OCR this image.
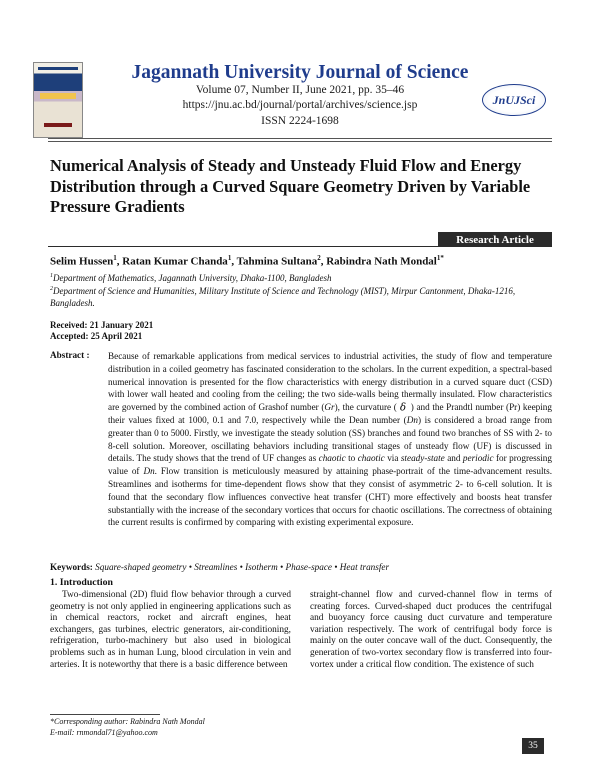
Jagannath University Journal of Science
Volume 07, Number II, June 2021, pp. 35–46
https://jnu.ac.bd/journal/portal/archives/science.jsp
ISSN 2224-1698
JnUJSci
Numerical Analysis of Steady and Unsteady Fluid Flow and Energy Distribution through a Curved Square Geometry Driven by Variable Pressure Gradients
Research Article
Selim Hussen$^1$, Ratan Kumar Chanda$^1$, Tahmina Sultana$^2$, Rabindra Nath Mondal$^{1*}$
$^1$Department of Mathematics, Jagannath University, Dhaka-1100, Bangladesh
$^2$Department of Science and Humanities, Military Institute of Science and Technology (MIST), Mirpur Cantonment, Dhaka-1216, Bangladesh.
Received: 21 January 2021
Accepted: 25 April 2021
Abstract : Because of remarkable applications from medical services to industrial activities, the study of flow and temperature distribution in a coiled geometry has fascinated consideration to the scholars. In the current expedition, a spectral-based numerical innovation is presented for the flow characteristics with energy distribution in a curved square duct (CSD) with lower wall heated and cooling from the ceiling; the two side-walls being thermally insulated. Flow characteristics are governed by the combined action of Grashof number (Gr), the curvature ( δ ) and the Prandtl number (Pr) keeping their values fixed at 1000, 0.1 and 7.0, respectively while the Dean number (Dn) is considered a broad range from greater than 0 to 5000. Firstly, we investigate the steady solution (SS) branches and found two branches of SS with 2- to 8-cell solution. Moreover, oscillating behaviors including transitional stages of unsteady flow (UF) is discussed in details. The study shows that the trend of UF changes as chaotic to chaotic via steady-state and periodic for progressing value of Dn. Flow transition is meticulously measured by attaining phase-portrait of the time-advancement results. Streamlines and isotherms for time-dependent flows show that they consist of asymmetric 2- to 6-cell solution. It is found that the secondary flow influences convective heat transfer (CHT) more effectively and boosts heat transfer substantially with the increase of the secondary vortices that occurs for chaotic oscillations. The correctness of obtaining the current results is confirmed by comparing with existing experimental exposure.
Keywords: Square-shaped geometry • Streamlines • Isotherm • Phase-space • Heat transfer
1. Introduction
Two-dimensional (2D) fluid flow behavior through a curved geometry is not only applied in engineering applications such as in chemical reactors, rocket and aircraft engines, heat exchangers, gas turbines, electric generators, air-conditioning, refrigeration, turbo-machinery but also used in biological problems such as in human Lung, blood circulation in vein and arteries. It is noteworthy that there is a basic difference between
straight-channel flow and curved-channel flow in terms of creating forces. Curved-shaped duct produces the centrifugal and buoyancy force causing duct curvature and temperature variation respectively. The work of centrifugal body force is mainly on the outer concave wall of the duct. Consequently, the generation of two-vortex secondary flow is transferred into four-vortex under a critical flow condition. The existence of such
*Corresponding author: Rabindra Nath Mondal
E-mail: rnmondal71@yahoo.com
35
